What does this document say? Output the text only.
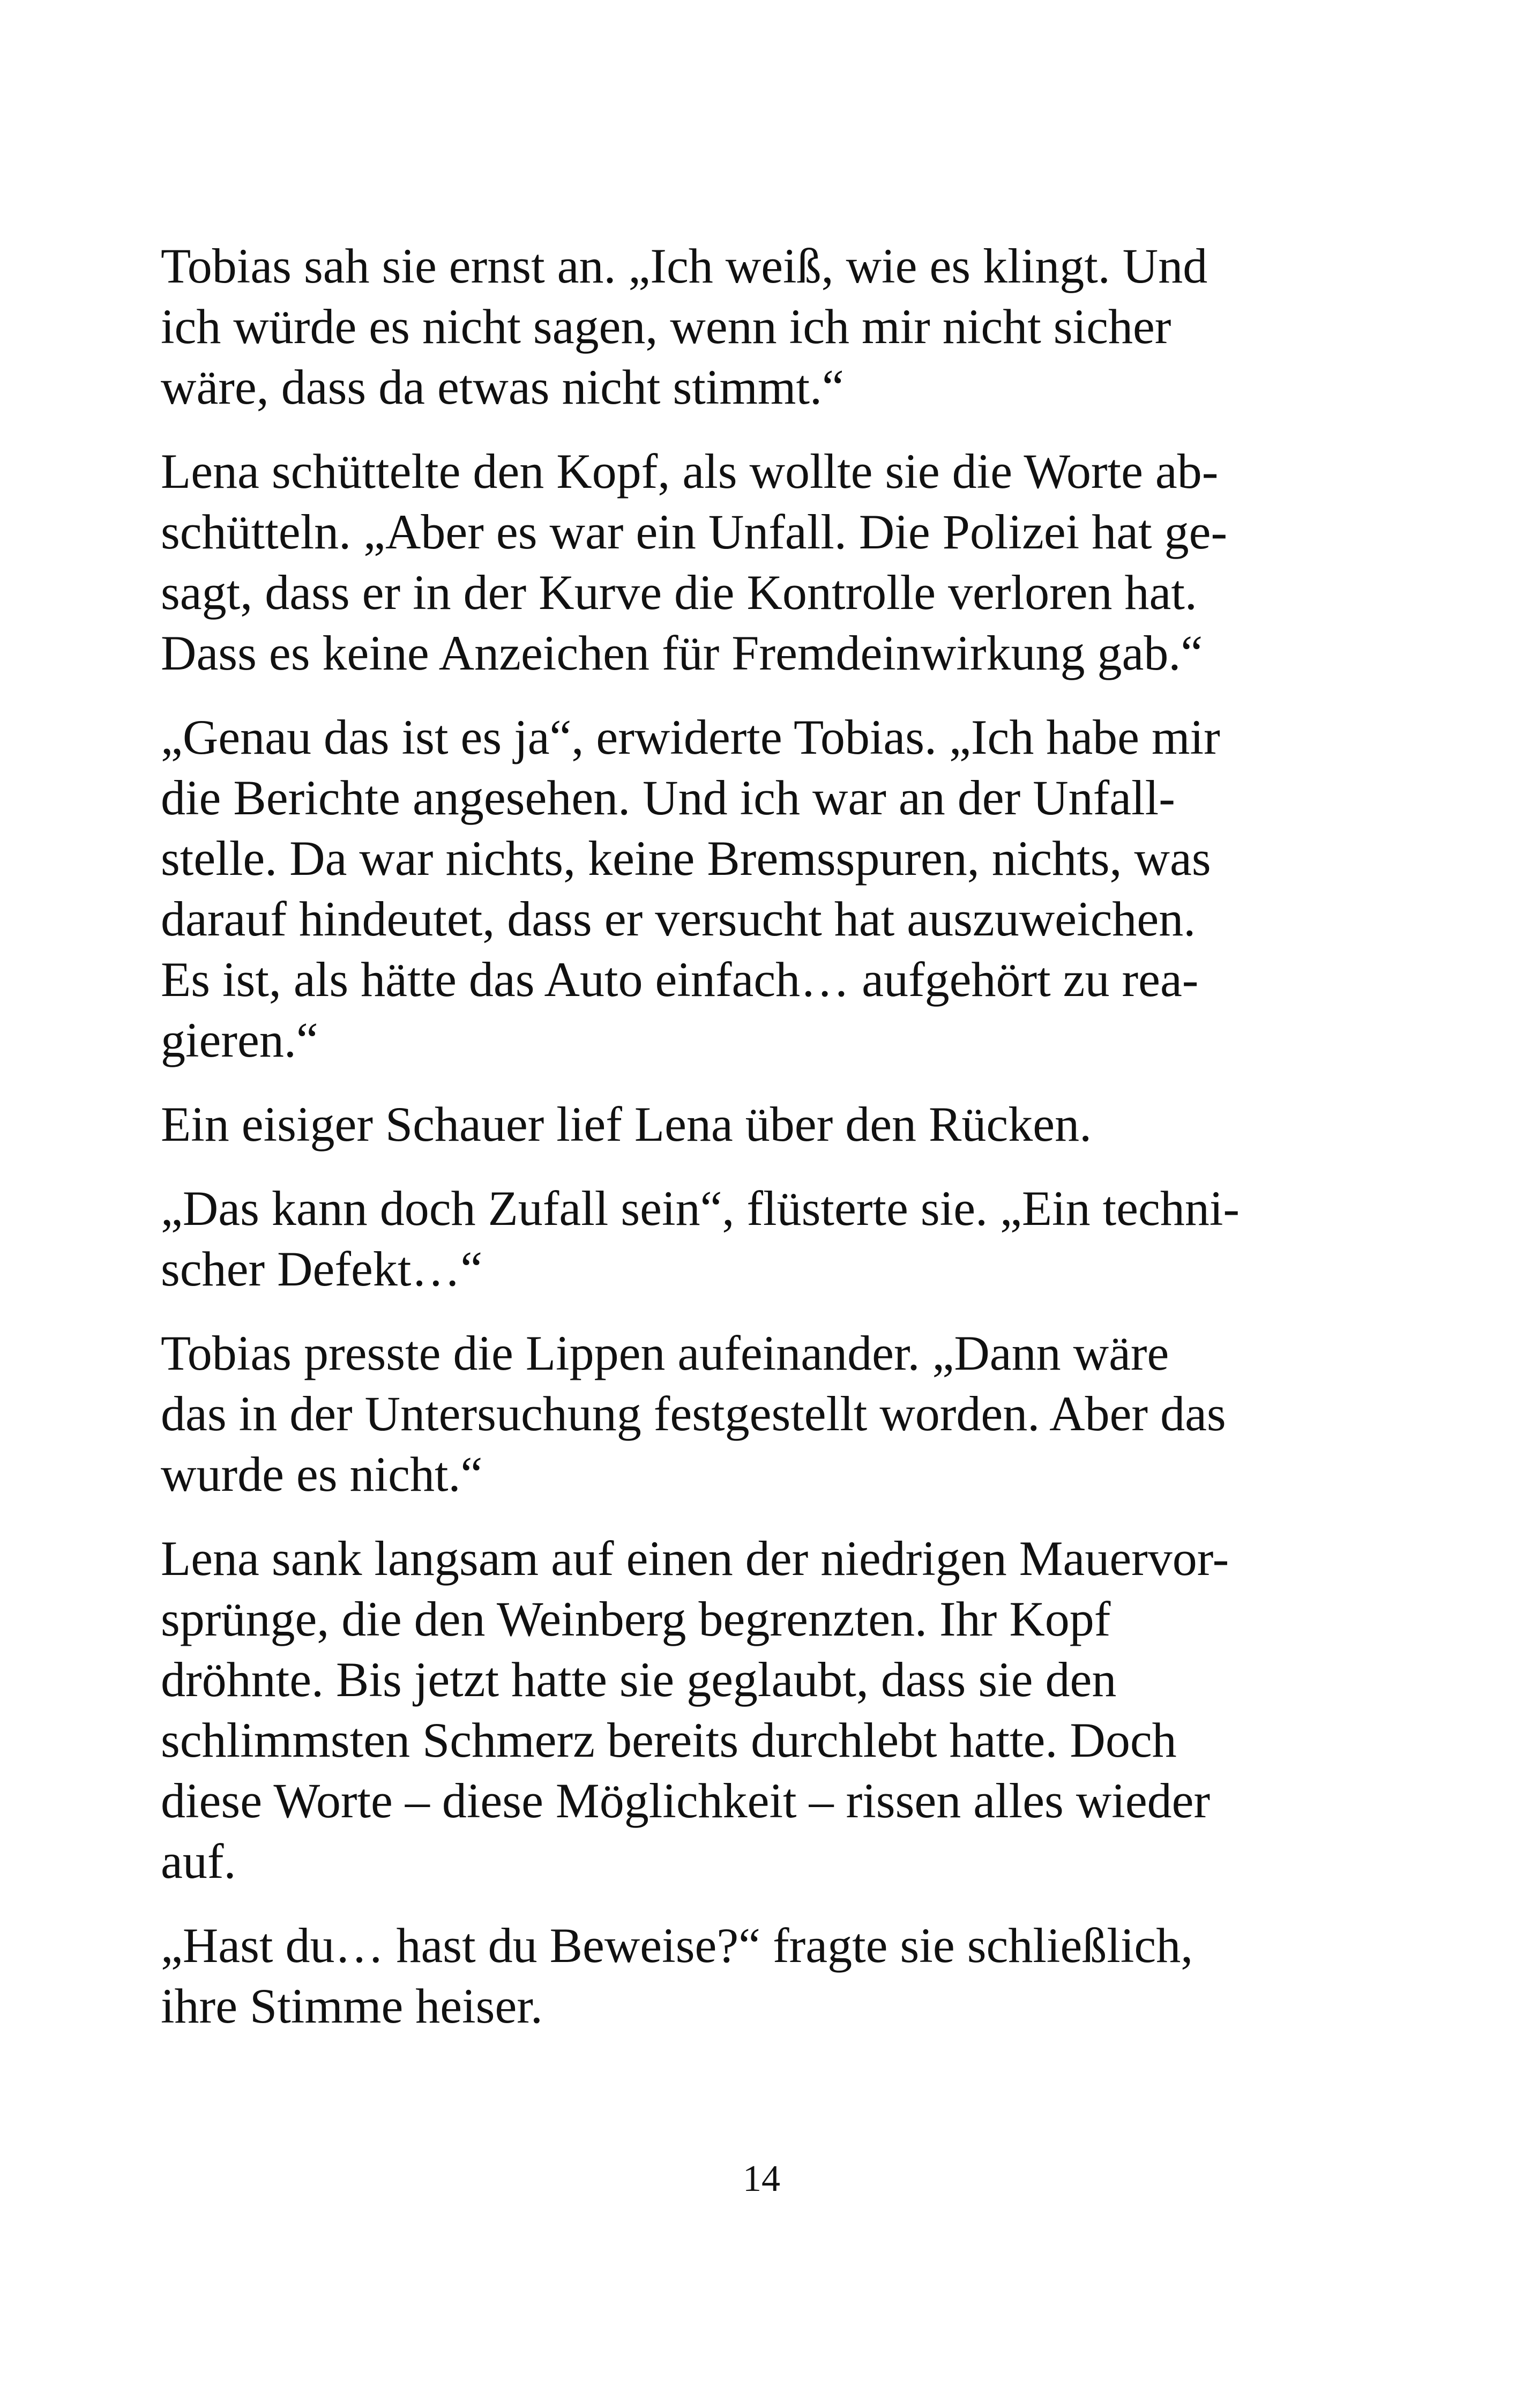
Tobias sah sie ernst an. „Ich weiß, wie es klingt. Und
ich würde es nicht sagen, wenn ich mir nicht sicher
wäre, dass da etwas nicht stimmt.“

Lena schüttelte den Kopf, als wollte sie die Worte ab-
schütteln. „Aber es war ein Unfall. Die Polizei hat ge-
sagt, dass er in der Kurve die Kontrolle verloren hat.
Dass es keine Anzeichen für Fremdeinwirkung gab.“

„Genau das ist es ja“, erwiderte Tobias. „Ich habe mir
die Berichte angesehen. Und ich war an der Unfall-
stelle. Da war nichts, keine Bremsspuren, nichts, was
darauf hindeutet, dass er versucht hat auszuweichen.
Es ist, als hätte das Auto einfach… aufgehört zu rea-
gieren.“

Ein eisiger Schauer lief Lena über den Rücken.

„Das kann doch Zufall sein“, flüsterte sie. „Ein techni-
scher Defekt…“

Tobias presste die Lippen aufeinander. „Dann wäre
das in der Untersuchung festgestellt worden. Aber das
wurde es nicht.“

Lena sank langsam auf einen der niedrigen Mauervor-
sprünge, die den Weinberg begrenzten. Ihr Kopf
dröhnte. Bis jetzt hatte sie geglaubt, dass sie den
schlimmsten Schmerz bereits durchlebt hatte. Doch
diese Worte – diese Möglichkeit – rissen alles wieder
auf.

„Hast du… hast du Beweise?“ fragte sie schließlich,
ihre Stimme heiser.

14
